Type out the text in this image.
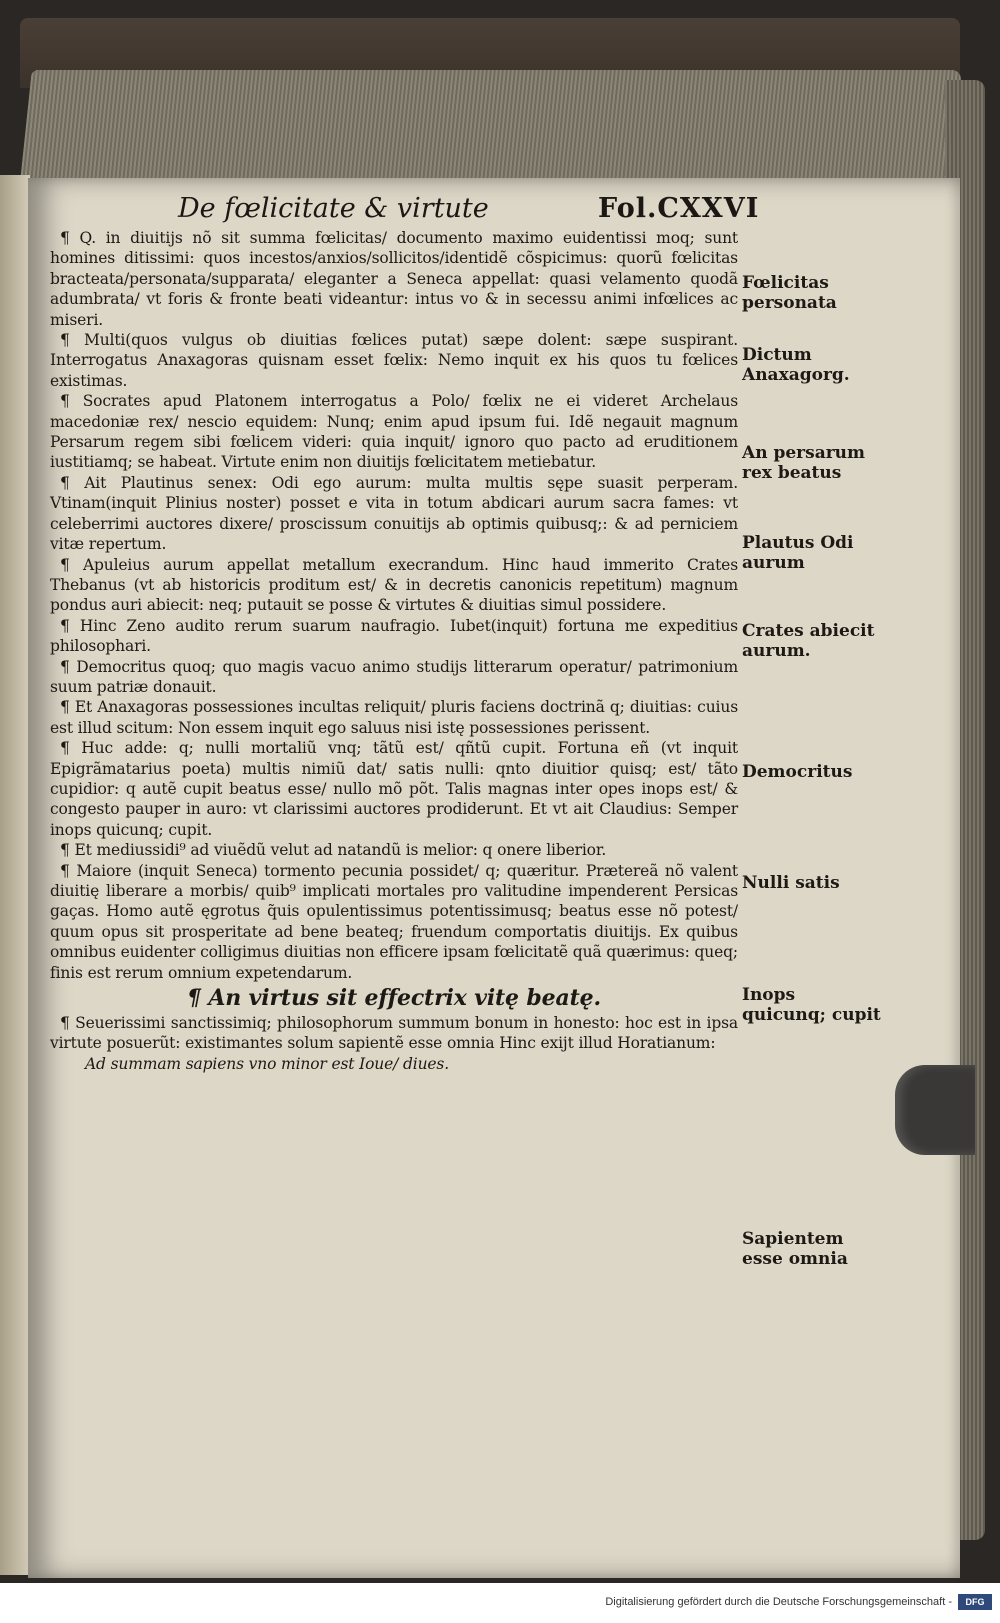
De fœlicitate & virtute	Fol.CXXVI

¶ Q. in diuitijs nõ sit summa fœlicitas/ documento maximo euidentissi moq; sunt homines ditissimi: quos incestos/anxios/sollicitos/identidẽ cõspicimus: quorũ fœlicitas bracteata/personata/supparata/ eleganter a Seneca appellat: quasi velamento quodã adumbrata/ vt foris & fronte beati videantur: intus vo & in secessu animi infœlices ac miseri.

¶ Multi(quos vulgus ob diuitias fœlices putat) sæpe dolent: sæpe suspirant. Interrogatus Anaxagoras quisnam esset fœlix: Nemo inquit ex his quos tu fœlices existimas.

¶ Socrates apud Platonem interrogatus a Polo/ fœlix ne ei videret Archelaus macedoniæ rex/ nescio equidem: Nunq; enim apud ipsum fui. Idẽ negauit magnum Persarum regem sibi fœlicem videri: quia inquit/ ignoro quo pacto ad eruditionem iustitiamq; se habeat. Virtute enim non diuitijs fœlicitatem metiebatur.

¶ Ait Plautinus senex: Odi ego aurum: multa multis sępe suasit perperam. Vtinam(inquit Plinius noster) posset e vita in totum abdicari aurum sacra fames: vt celeberrimi auctores dixere/ proscissum conuitijs ab optimis quibusq;: & ad perniciem vitæ repertum.

¶ Apuleius aurum appellat metallum execrandum. Hinc haud immerito Crates Thebanus (vt ab historicis proditum est/ & in decretis canonicis repetitum) magnum pondus auri abiecit: neq; putauit se posse & virtutes & diuitias simul possidere.

¶ Hinc Zeno audito rerum suarum naufragio. Iubet(inquit) fortuna me expeditius philosophari.

¶ Democritus quoq; quo magis vacuo animo studijs litterarum operatur/ patrimonium suum patriæ donauit.

¶ Et Anaxagoras possessiones incultas reliquit/ pluris faciens doctrinã q; diuitias: cuius est illud scitum: Non essem inquit ego saluus nisi istę possessiones perissent.

¶ Huc adde: q; nulli mortaliũ vnq; tãtũ est/ qñtũ cupit. Fortuna eñ (vt inquit Epigrãmatarius poeta) multis nimiũ dat/ satis nulli: qnto diuitior quisq; est/ tãto cupidior: q autẽ cupit beatus esse/ nullo mõ põt. Talis magnas inter opes inops est/ & congesto pauper in auro: vt clarissimi auctores prodiderunt. Et vt ait Claudius: Semper inops quicunq; cupit.

¶ Et mediussidi⁹ ad viuẽdũ velut ad natandũ is melior: q onere liberior.

¶ Maiore (inquit Seneca) tormento pecunia possidet/ q; quæritur. Prætereã nõ valent diuitię liberare a morbis/ quib⁹ implicati mortales pro valitudine impenderent Persicas gaças. Homo autẽ ęgrotus q̃uis opulentissimus potentissimusq; beatus esse nõ potest/ quum opus sit prosperitate ad bene beateq; fruendum comportatis diuitijs. Ex quibus omnibus euidenter colligimus diuitias non efficere ipsam fœlicitatẽ quã quærimus: queq; finis est rerum omnium expetendarum.

¶ An virtus sit effectrix vitę beatę.

¶ Seuerissimi sanctissimiq; philosophorum summum bonum in honesto: hoc est in ipsa virtute posuerũt: existimantes solum sapientẽ esse omnia Hinc exijt illud Horatianum:

Ad summam sapiens vno minor est Ioue/ diues.

Fœlicitas personata
Dictum Anaxagorg.
An persarum rex beatus
Plautus Odi aurum
Crates abiecit aurum.
Democritus
Nulli satis
Inops quicunq; cupit
Sapientem esse omnia
Digitalisierung gefördert durch die Deutsche Forschungsgemeinschaft -	DFG
